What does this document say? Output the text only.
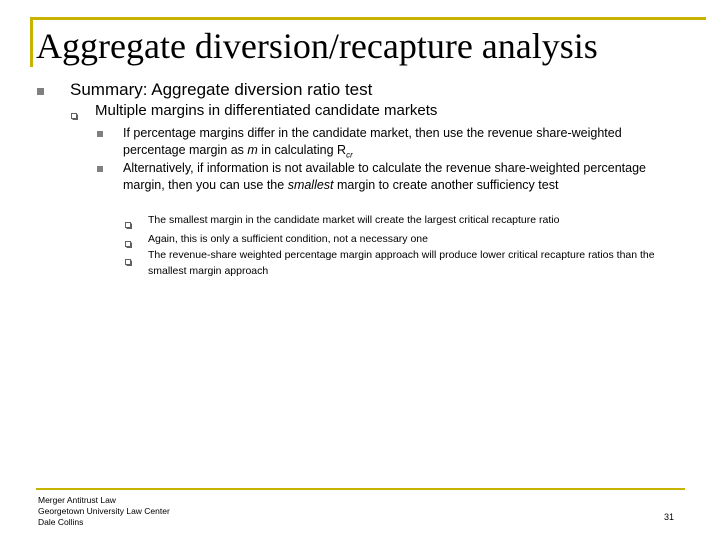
Aggregate diversion/recapture analysis
Summary: Aggregate diversion ratio test
Multiple margins in differentiated candidate markets
If percentage margins differ in the candidate market, then use the revenue share-weighted percentage margin as m in calculating $R_{cr}$
Alternatively, if information is not available to calculate the revenue share-weighted percentage margin, then you can use the smallest margin to create another sufficiency test
The smallest margin in the candidate market will create the largest critical recapture ratio
Again, this is only a sufficient condition, not a necessary one
The revenue-share weighted percentage margin approach will produce lower critical recapture ratios than the smallest margin approach
Merger Antitrust Law
Georgetown University Law Center
Dale Collins	31
